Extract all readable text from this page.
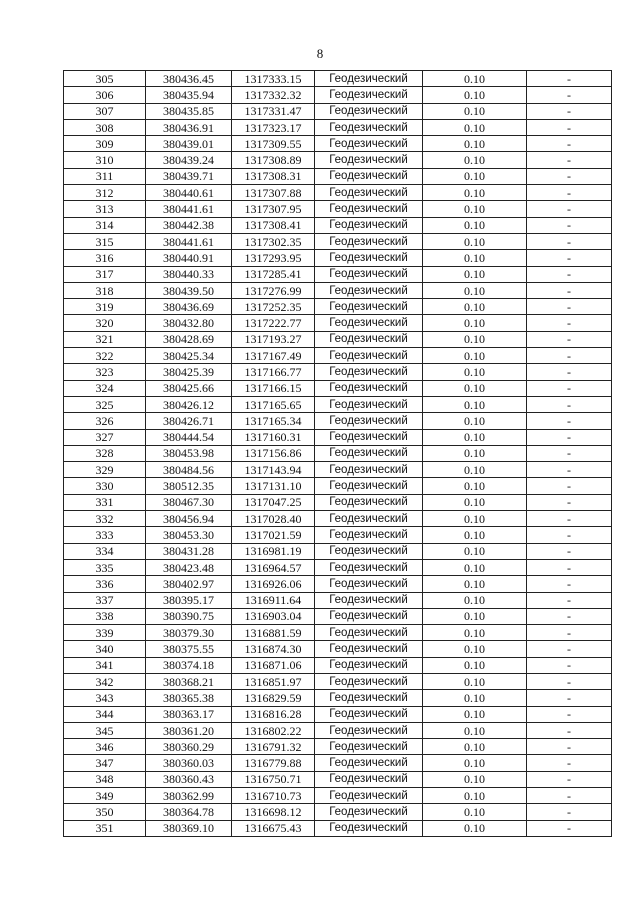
8
305	380436.45	1317333.15	Геодезический	0.10	-
306	380435.94	1317332.32	Геодезический	0.10	-
307	380435.85	1317331.47	Геодезический	0.10	-
308	380436.91	1317323.17	Геодезический	0.10	-
309	380439.01	1317309.55	Геодезический	0.10	-
310	380439.24	1317308.89	Геодезический	0.10	-
311	380439.71	1317308.31	Геодезический	0.10	-
312	380440.61	1317307.88	Геодезический	0.10	-
313	380441.61	1317307.95	Геодезический	0.10	-
314	380442.38	1317308.41	Геодезический	0.10	-
315	380441.61	1317302.35	Геодезический	0.10	-
316	380440.91	1317293.95	Геодезический	0.10	-
317	380440.33	1317285.41	Геодезический	0.10	-
318	380439.50	1317276.99	Геодезический	0.10	-
319	380436.69	1317252.35	Геодезический	0.10	-
320	380432.80	1317222.77	Геодезический	0.10	-
321	380428.69	1317193.27	Геодезический	0.10	-
322	380425.34	1317167.49	Геодезический	0.10	-
323	380425.39	1317166.77	Геодезический	0.10	-
324	380425.66	1317166.15	Геодезический	0.10	-
325	380426.12	1317165.65	Геодезический	0.10	-
326	380426.71	1317165.34	Геодезический	0.10	-
327	380444.54	1317160.31	Геодезический	0.10	-
328	380453.98	1317156.86	Геодезический	0.10	-
329	380484.56	1317143.94	Геодезический	0.10	-
330	380512.35	1317131.10	Геодезический	0.10	-
331	380467.30	1317047.25	Геодезический	0.10	-
332	380456.94	1317028.40	Геодезический	0.10	-
333	380453.30	1317021.59	Геодезический	0.10	-
334	380431.28	1316981.19	Геодезический	0.10	-
335	380423.48	1316964.57	Геодезический	0.10	-
336	380402.97	1316926.06	Геодезический	0.10	-
337	380395.17	1316911.64	Геодезический	0.10	-
338	380390.75	1316903.04	Геодезический	0.10	-
339	380379.30	1316881.59	Геодезический	0.10	-
340	380375.55	1316874.30	Геодезический	0.10	-
341	380374.18	1316871.06	Геодезический	0.10	-
342	380368.21	1316851.97	Геодезический	0.10	-
343	380365.38	1316829.59	Геодезический	0.10	-
344	380363.17	1316816.28	Геодезический	0.10	-
345	380361.20	1316802.22	Геодезический	0.10	-
346	380360.29	1316791.32	Геодезический	0.10	-
347	380360.03	1316779.88	Геодезический	0.10	-
348	380360.43	1316750.71	Геодезический	0.10	-
349	380362.99	1316710.73	Геодезический	0.10	-
350	380364.78	1316698.12	Геодезический	0.10	-
351	380369.10	1316675.43	Геодезический	0.10	-
